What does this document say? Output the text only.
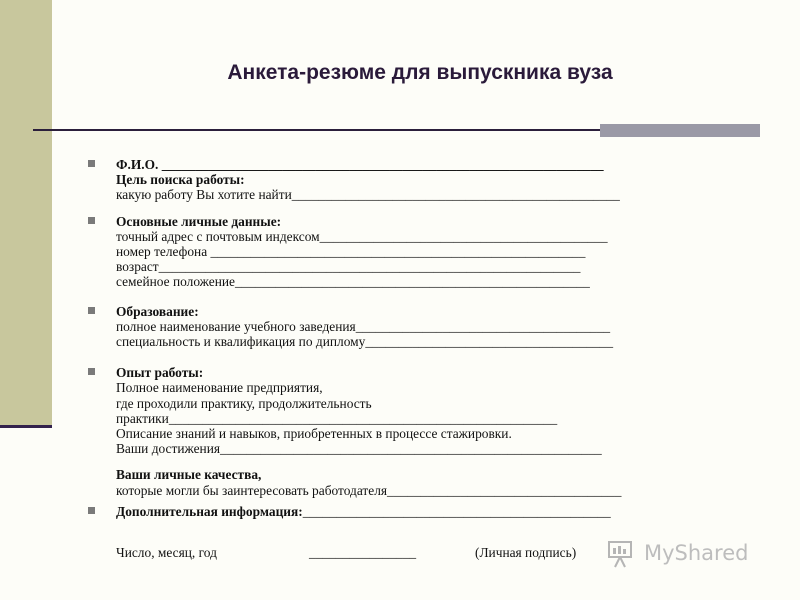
Анкета-резюме для выпускника вуза
Ф.И.О. __________________________________________________________________
Цель поиска работы:
какую работу Вы хотите найти_________________________________________________
Основные личные данные:
точный адрес с почтовым индексом___________________________________________
номер телефона ________________________________________________________
возраст_______________________________________________________________
семейное положение_____________________________________________________
Образование:
полное наименование учебного заведения______________________________________
специальность и квалификация по диплому_____________________________________
Опыт работы:
Полное наименование предприятия,
где проходили практику, продолжительность
практики__________________________________________________________
Описание знаний и навыков, приобретенных в процессе стажировки.
Ваши достижения_________________________________________________________
Ваши личные качества,
которые могли бы заинтересовать работодателя___________________________________
Дополнительная информация:______________________________________________
Число, месяц, год	________________	(Личная подпись)	MyShared
